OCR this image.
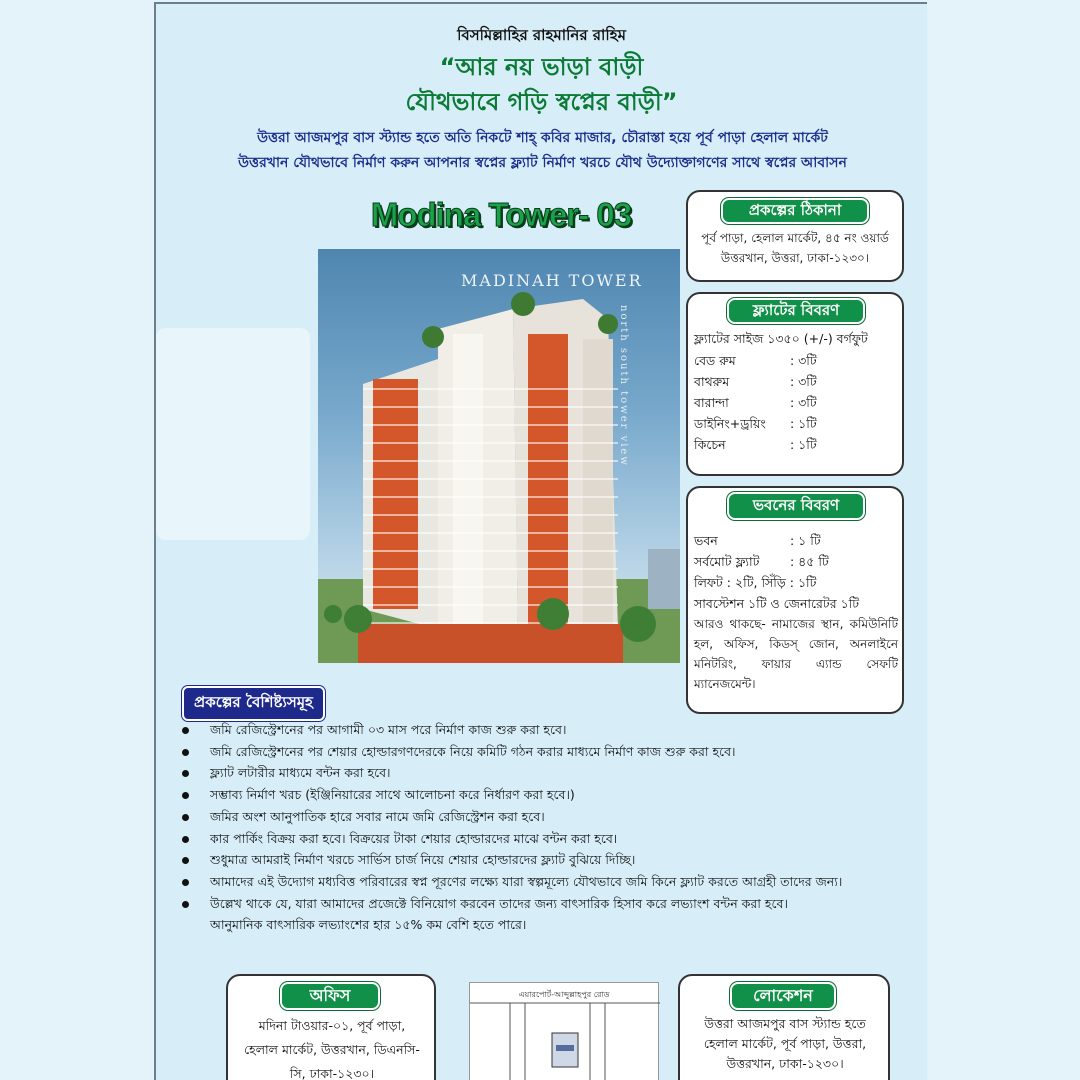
বিসমিল্লাহির রাহমানির রাহিম
“আর নয় ভাড়া বাড়ী
যৌথভাবে গড়ি স্বপ্নের বাড়ী”
উত্তরা আজমপুর বাস স্ট্যান্ড হতে অতি নিকটে শাহ্ কবির মাজার, চৌরাস্তা হয়ে পূর্ব পাড়া হেলাল মার্কেট
উত্তরখান যৌথভাবে নির্মাণ করুন আপনার স্বপ্নের ফ্ল্যাট নির্মাণ খরচে যৌথ উদ্যোক্তাগণের সাথে স্বপ্নের আবাসন
Modina Tower- 03
MADINAH TOWER
north south tower view
প্রকল্পের ঠিকানা
পূর্ব পাড়া, হেলাল মার্কেট, ৪৫ নং ওয়ার্ড
উত্তরখান, উত্তরা, ঢাকা-১২৩০।
ফ্ল্যাটের বিবরণ
ফ্ল্যাটের সাইজ ১৩৫০ (+/-) বর্গফুট
বেড রুম	: ৩টি
বাথরুম	: ৩টি
বারান্দা	: ৩টি
ডাইনিং+ড্রয়িং : ১টি
কিচেন	: ১টি
ভবনের বিবরণ
ভবন	: ১ টি
সর্বমোট ফ্ল্যাট : ৪৫ টি
লিফট : ২টি, সিঁড়ি : ১টি
সাবস্টেশন ১টি ও জেনারেটর ১টি
আরও থাকছে- নামাজের স্থান, কমিউনিটি হল, অফিস, কিডস্ জোন, অনলাইনে মনিটরিং, ফায়ার এ্যান্ড সেফটি ম্যানেজমেন্ট।
প্রকল্পের বৈশিষ্ট্যসমূহ
জমি রেজিস্ট্রেশনের পর আগামী ০৩ মাস পরে নির্মাণ কাজ শুরু করা হবে।
জমি রেজিস্ট্রেশনের পর শেয়ার হোল্ডারগণদেরকে নিয়ে কমিটি গঠন করার মাধ্যমে নির্মাণ কাজ শুরু করা হবে।
ফ্ল্যাট লটারীর মাধ্যমে বন্টন করা হবে।
সম্ভাব্য নির্মাণ খরচ (ইঞ্জিনিয়ারের সাথে আলোচনা করে নির্ধারণ করা হবে।)
জমির অংশ আনুপাতিক হারে সবার নামে জমি রেজিস্ট্রেশন করা হবে।
কার পার্কিং বিক্রয় করা হবে। বিক্রয়ের টাকা শেয়ার হোল্ডারদের মাঝে বন্টন করা হবে।
শুধুমাত্র আমরাই নির্মাণ খরচে সার্ভিস চার্জ নিয়ে শেয়ার হোল্ডারদের ফ্ল্যাট বুঝিয়ে দিচ্ছি।
আমাদের এই উদ্যোগ মধ্যবিত্ত পরিবারের স্বপ্ন পূরণের লক্ষ্যে যারা স্বল্পমূল্যে যৌথভাবে জমি কিনে ফ্ল্যাট করতে আগ্রহী তাদের জন্য।
উল্লেখ থাকে যে, যারা আমাদের প্রজেক্টে বিনিয়োগ করবেন তাদের জন্য বাৎসারিক হিসাব করে লভ্যাংশ বন্টন করা হবে।
আনুমানিক বাৎসারিক লভ্যাংশের হার ১৫% কম বেশি হতে পারে।
অফিস
মদিনা টাওয়ার-০১, পূর্ব পাড়া,
হেলাল মার্কেট, উত্তরখান, ডিএনসি-
সি, ঢাকা-১২৩০।
এয়ারপোর্ট-আব্দুল্লাহপুর রোড	লোকেশন
উত্তরা আজমপুর বাস স্ট্যান্ড হতে
হেলাল মার্কেট, পূর্ব পাড়া, উত্তরা,
উত্তরখান, ঢাকা-১২৩০।
